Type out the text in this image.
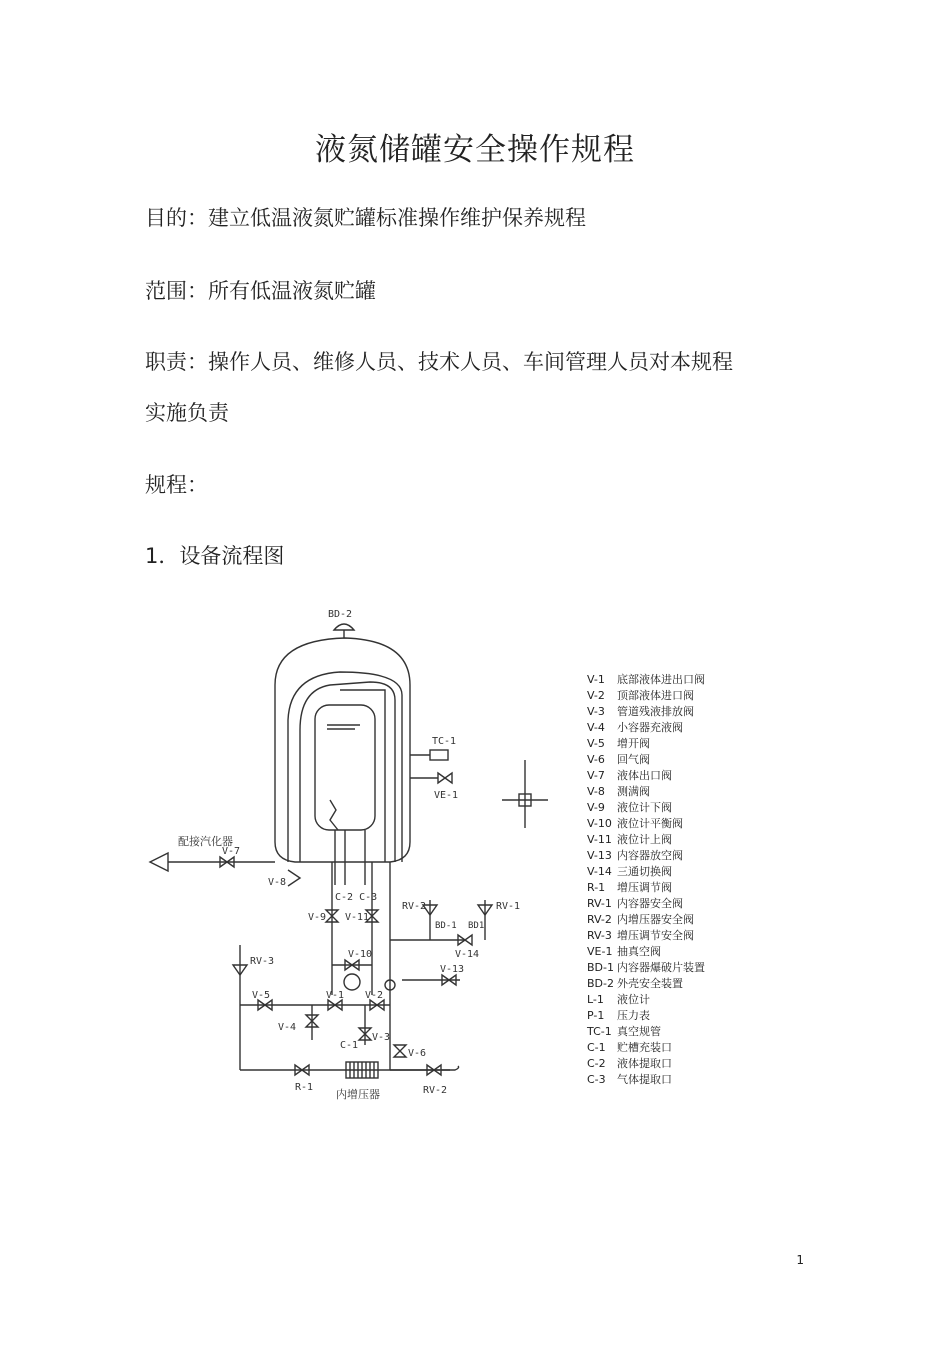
液氮储罐安全操作规程
目的：建立低温液氮贮罐标准操作维护保养规程
范围：所有低温液氮贮罐
职责：操作人员、维修人员、技术人员、车间管理人员对本规程
实施负责
规程：
1．设备流程图
BD-2
TC-1
VE-1
配接汽化器
V-7
V-8
C-2 C-3
V-9 V-11
V-10
RV-2	RV-1
BD-1 BD1
V-14
V-13
RV-3
V-5	V-1 V-2
V-4
V-3
C-1
V-6
R-1
内增压器	RV-2
V-1	底部液体进出口阀
V-2	顶部液体进口阀
V-3	管道残液排放阀
V-4	小容器充液阀
V-5	增开阀
V-6	回气阀
V-7	液体出口阀
V-8	测满阀
V-9	液位计下阀
V-10 液位计平衡阀
V-11 液位计上阀
V-13 内容器放空阀
V-14 三通切换阀
R-1	增压调节阀
RV-1 内容器安全阀
RV-2 内增压器安全阀
RV-3 增压调节安全阀
VE-1 抽真空阀
BD-1 内容器爆破片装置
BD-2 外壳安全装置
L-1	液位计
P-1	压力表
TC-1 真空规管
C-1	贮槽充装口
C-2	液体提取口
C-3	气体提取口
1
